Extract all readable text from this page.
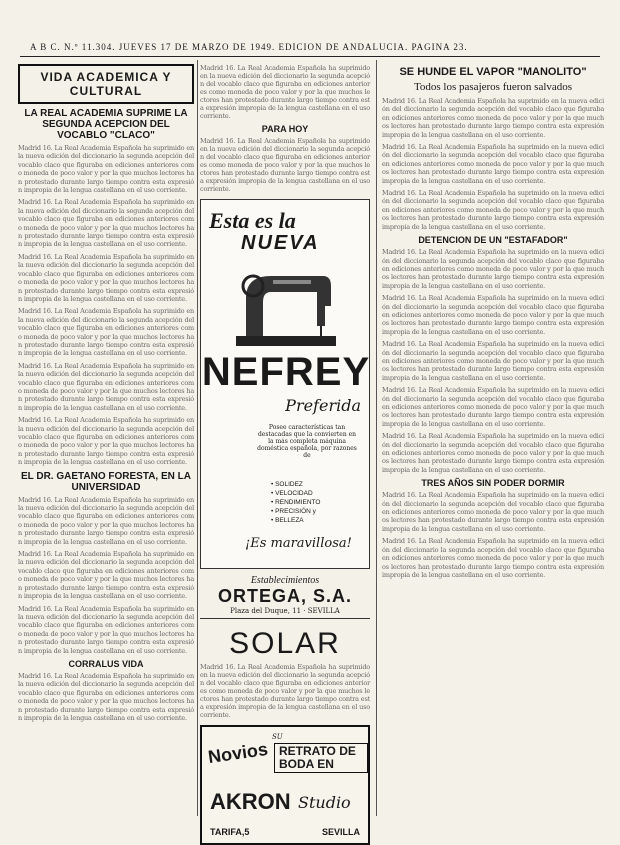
A B C. N.º 11.304. JUEVES 17 DE MARZO DE 1949. EDICION DE ANDALUCIA. PAGINA 23.
VIDA ACADEMICA Y CULTURAL
LA REAL ACADEMIA SUPRIME LA SEGUNDA ACEPCION DEL VOCABLO "CLACO"

Madrid 16. La Real Academia Española ha suprimido en la nueva edición del diccionario la segunda acepción del vocablo claco que figuraba en ediciones anteriores como moneda de poco valor y por la que muchos lectores han protestado durante largo tiempo contra esta expresión impropia de la lengua castellana en el uso corriente.

Madrid 16. La Real Academia Española ha suprimido en la nueva edición del diccionario la segunda acepción del vocablo claco que figuraba en ediciones anteriores como moneda de poco valor y por la que muchos lectores han protestado durante largo tiempo contra esta expresión impropia de la lengua castellana en el uso corriente.

Madrid 16. La Real Academia Española ha suprimido en la nueva edición del diccionario la segunda acepción del vocablo claco que figuraba en ediciones anteriores como moneda de poco valor y por la que muchos lectores han protestado durante largo tiempo contra esta expresión impropia de la lengua castellana en el uso corriente.

Madrid 16. La Real Academia Española ha suprimido en la nueva edición del diccionario la segunda acepción del vocablo claco que figuraba en ediciones anteriores como moneda de poco valor y por la que muchos lectores han protestado durante largo tiempo contra esta expresión impropia de la lengua castellana en el uso corriente.

Madrid 16. La Real Academia Española ha suprimido en la nueva edición del diccionario la segunda acepción del vocablo claco que figuraba en ediciones anteriores como moneda de poco valor y por la que muchos lectores han protestado durante largo tiempo contra esta expresión impropia de la lengua castellana en el uso corriente.

Madrid 16. La Real Academia Española ha suprimido en la nueva edición del diccionario la segunda acepción del vocablo claco que figuraba en ediciones anteriores como moneda de poco valor y por la que muchos lectores han protestado durante largo tiempo contra esta expresión impropia de la lengua castellana en el uso corriente.

EL DR. GAETANO FORESTA, EN LA UNIVERSIDAD

Madrid 16. La Real Academia Española ha suprimido en la nueva edición del diccionario la segunda acepción del vocablo claco que figuraba en ediciones anteriores como moneda de poco valor y por la que muchos lectores han protestado durante largo tiempo contra esta expresión impropia de la lengua castellana en el uso corriente.

Madrid 16. La Real Academia Española ha suprimido en la nueva edición del diccionario la segunda acepción del vocablo claco que figuraba en ediciones anteriores como moneda de poco valor y por la que muchos lectores han protestado durante largo tiempo contra esta expresión impropia de la lengua castellana en el uso corriente.

Madrid 16. La Real Academia Española ha suprimido en la nueva edición del diccionario la segunda acepción del vocablo claco que figuraba en ediciones anteriores como moneda de poco valor y por la que muchos lectores han protestado durante largo tiempo contra esta expresión impropia de la lengua castellana en el uso corriente.

CORRALUS VIDA

Madrid 16. La Real Academia Española ha suprimido en la nueva edición del diccionario la segunda acepción del vocablo claco que figuraba en ediciones anteriores como moneda de poco valor y por la que muchos lectores han protestado durante largo tiempo contra esta expresión impropia de la lengua castellana en el uso corriente.

Madrid 16. La Real Academia Española ha suprimido en la nueva edición del diccionario la segunda acepción del vocablo claco que figuraba en ediciones anteriores como moneda de poco valor y por la que muchos lectores han protestado durante largo tiempo contra esta expresión impropia de la lengua castellana en el uso corriente.

PARA HOY

Madrid 16. La Real Academia Española ha suprimido en la nueva edición del diccionario la segunda acepción del vocablo claco que figuraba en ediciones anteriores como moneda de poco valor y por la que muchos lectores han protestado durante largo tiempo contra esta expresión impropia de la lengua castellana en el uso corriente.

Esta es la
NUEVA
NEFREY
Preferida
Posee características tan destacadas que la convierten en la más completa máquina doméstica española, por razones de
• SOLIDEZ
• VELOCIDAD
• RENDIMIENTO
• PRECISIÓN y
• BELLEZA
¡Es maravillosa!
Establecimientos
ORTEGA, S.A.
Plaza del Duque, 11 · SEVILLA
SOLAR

Madrid 16. La Real Academia Española ha suprimido en la nueva edición del diccionario la segunda acepción del vocablo claco que figuraba en ediciones anteriores como moneda de poco valor y por la que muchos lectores han protestado durante largo tiempo contra esta expresión impropia de la lengua castellana en el uso corriente.

Novios
SU
RETRATO DE BODA EN
AKRON Studio
TARIFA,5	SEVILLA
SE HUNDE EL VAPOR "MANOLITO"
Todos los pasajeros fueron salvados

Madrid 16. La Real Academia Española ha suprimido en la nueva edición del diccionario la segunda acepción del vocablo claco que figuraba en ediciones anteriores como moneda de poco valor y por la que muchos lectores han protestado durante largo tiempo contra esta expresión impropia de la lengua castellana en el uso corriente.

Madrid 16. La Real Academia Española ha suprimido en la nueva edición del diccionario la segunda acepción del vocablo claco que figuraba en ediciones anteriores como moneda de poco valor y por la que muchos lectores han protestado durante largo tiempo contra esta expresión impropia de la lengua castellana en el uso corriente.

Madrid 16. La Real Academia Española ha suprimido en la nueva edición del diccionario la segunda acepción del vocablo claco que figuraba en ediciones anteriores como moneda de poco valor y por la que muchos lectores han protestado durante largo tiempo contra esta expresión impropia de la lengua castellana en el uso corriente.

DETENCION DE UN "ESTAFADOR"

Madrid 16. La Real Academia Española ha suprimido en la nueva edición del diccionario la segunda acepción del vocablo claco que figuraba en ediciones anteriores como moneda de poco valor y por la que muchos lectores han protestado durante largo tiempo contra esta expresión impropia de la lengua castellana en el uso corriente.

Madrid 16. La Real Academia Española ha suprimido en la nueva edición del diccionario la segunda acepción del vocablo claco que figuraba en ediciones anteriores como moneda de poco valor y por la que muchos lectores han protestado durante largo tiempo contra esta expresión impropia de la lengua castellana en el uso corriente.

Madrid 16. La Real Academia Española ha suprimido en la nueva edición del diccionario la segunda acepción del vocablo claco que figuraba en ediciones anteriores como moneda de poco valor y por la que muchos lectores han protestado durante largo tiempo contra esta expresión impropia de la lengua castellana en el uso corriente.

Madrid 16. La Real Academia Española ha suprimido en la nueva edición del diccionario la segunda acepción del vocablo claco que figuraba en ediciones anteriores como moneda de poco valor y por la que muchos lectores han protestado durante largo tiempo contra esta expresión impropia de la lengua castellana en el uso corriente.

Madrid 16. La Real Academia Española ha suprimido en la nueva edición del diccionario la segunda acepción del vocablo claco que figuraba en ediciones anteriores como moneda de poco valor y por la que muchos lectores han protestado durante largo tiempo contra esta expresión impropia de la lengua castellana en el uso corriente.

TRES AÑOS SIN PODER DORMIR

Madrid 16. La Real Academia Española ha suprimido en la nueva edición del diccionario la segunda acepción del vocablo claco que figuraba en ediciones anteriores como moneda de poco valor y por la que muchos lectores han protestado durante largo tiempo contra esta expresión impropia de la lengua castellana en el uso corriente.

Madrid 16. La Real Academia Española ha suprimido en la nueva edición del diccionario la segunda acepción del vocablo claco que figuraba en ediciones anteriores como moneda de poco valor y por la que muchos lectores han protestado durante largo tiempo contra esta expresión impropia de la lengua castellana en el uso corriente.
